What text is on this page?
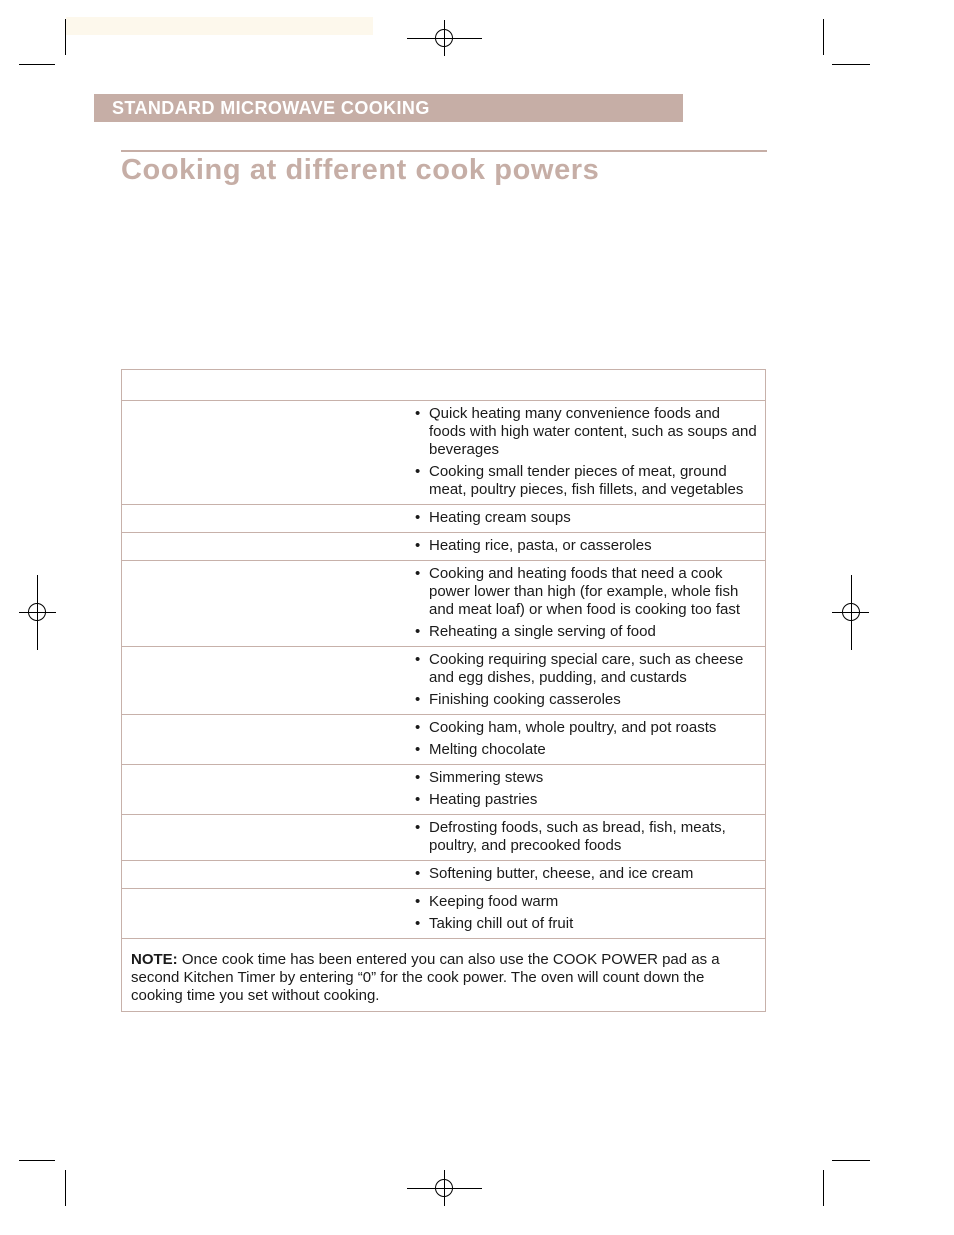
STANDARD MICROWAVE COOKING
Cooking at different cook powers

• Quick heating many convenience foods and foods with high water content, such as soups and beverages

• Cooking small tender pieces of meat, ground meat, poultry pieces, fish fillets, and vegetables

• Heating cream soups

• Heating rice, pasta, or casseroles

• Cooking and heating foods that need a cook power lower than high (for example, whole fish and meat loaf) or when food is cooking too fast

• Reheating a single serving of food

• Cooking requiring special care, such as cheese and egg dishes, pudding, and custards

• Finishing cooking casseroles

• Cooking ham, whole poultry, and pot roasts

• Melting chocolate

• Simmering stews

• Heating pastries

• Defrosting foods, such as bread, fish, meats, poultry, and precooked foods

• Softening butter, cheese, and ice cream

• Keeping food warm

• Taking chill out of fruit

NOTE: Once cook time has been entered you can also use the COOK POWER pad as a second Kitchen Timer by entering “0” for the cook power. The oven will count down the cooking time you set without cooking.
